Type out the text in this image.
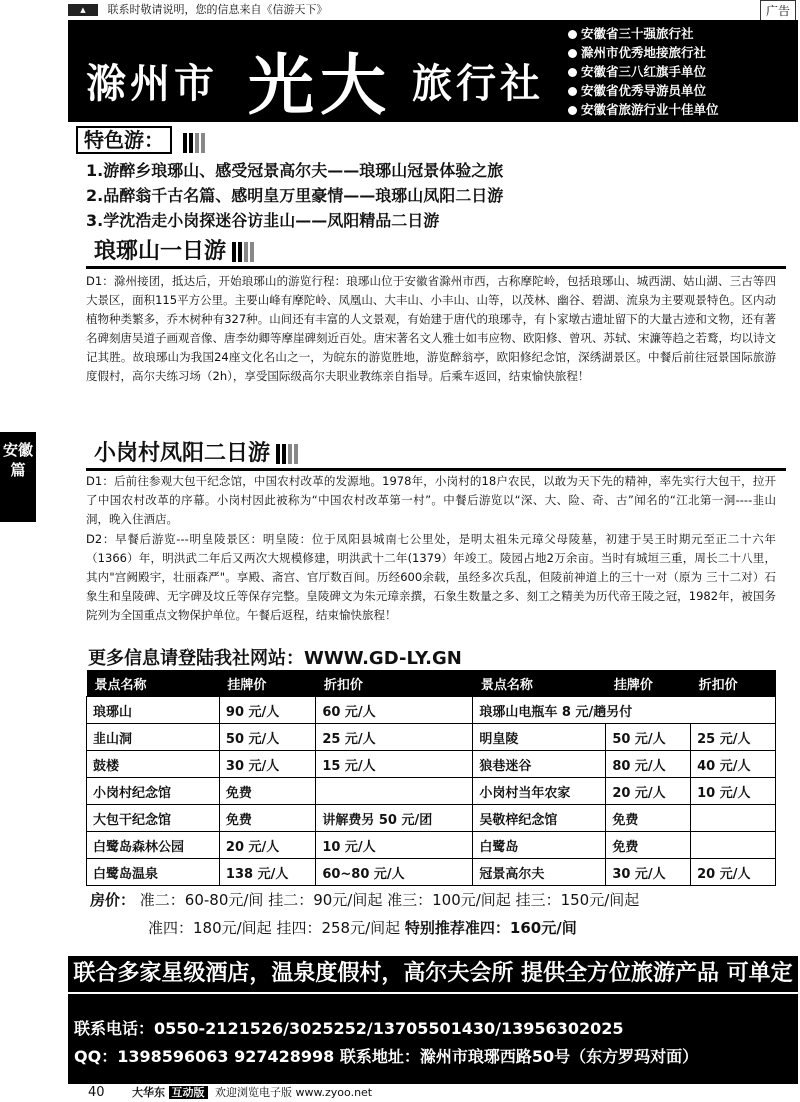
▲ 联系时敬请说明，您的信息来自《信游天下》	广告
滁州市 光大 旅行社
安徽省三十强旅行社
滁州市优秀地接旅行社
安徽省三八红旗手单位
安徽省优秀导游员单位
安徽省旅游行业十佳单位
安徽省优秀四星诚信旅行社
特色游：
1.游醉乡琅琊山、感受冠景高尔夫——琅琊山冠景体验之旅
2.品醉翁千古名篇、感明皇万里豪情——琅琊山凤阳二日游
3.学沈浩走小岗探迷谷访韭山——凤阳精品二日游
琅琊山一日游
D1：滁州接团，抵达后，开始琅琊山的游览行程：琅琊山位于安徽省滁州市西，古称摩陀岭，包括琅琊山、城西湖、姑山湖、三古等四大景区，面积115平方公里。主要山峰有摩陀岭、凤凰山、大丰山、小丰山、山等，以茂林、幽谷、碧湖、流泉为主要观景特色。区内动植物种类繁多，乔木树种有327种。山间还有丰富的人文景观，有始建于唐代的琅琊寺，有卜家墩古遗址留下的大量古迹和文物，还有著名碑刻唐吴道子画观音像、唐李幼卿等摩崖碑刻近百处。唐宋著名文人雅士如韦应物、欧阳修、曾巩、苏轼、宋濂等趋之若鹜，均以诗文记其胜。故琅琊山为我国24座文化名山之一，为皖东的游览胜地，游览醉翁亭，欧阳修纪念馆，深绣湖景区。中餐后前往冠景国际旅游度假村，高尔夫练习场（2h），享受国际级高尔夫职业教练亲自指导。后乘车返回，结束愉快旅程！
安徽篇
小岗村凤阳二日游
D1：后前往参观大包干纪念馆，中国农村改革的发源地。1978年，小岗村的18户农民，以敢为天下先的精神，率先实行大包干，拉开了中国农村改革的序幕。小岗村因此被称为“中国农村改革第一村”。中餐后游览以“深、大、险、奇、古”闻名的“江北第一洞----韭山洞，晚入住酒店。
D2：早餐后游览---明皇陵景区：明皇陵：位于凤阳县城南七公里处，是明太祖朱元璋父母陵墓，初建于吴王时期元至正二十六年（1366）年，明洪武二年后又两次大规模修建，明洪武十二年(1379）年竣工。陵园占地2万余亩。当时有城垣三重，周长二十八里，其内"宫阙殿宇，壮丽森严"。享殿、斋宫、官厅数百间。历经600余载，虽经多次兵乱，但陵前神道上的三十一对（原为 三十二对）石象生和皇陵碑、无字碑及坟丘等保存完整。皇陵碑文为朱元璋亲撰，石象生数量之多、刻工之精美为历代帝王陵之冠，1982年，被国务院列为全国重点文物保护单位。午餐后返程，结束愉快旅程！
更多信息请登陆我社网站：WWW.GD-LY.GN
景点名称	挂牌价	折扣价	景点名称	挂牌价	折扣价
琅琊山	90 元/人	60 元/人	琅琊山电瓶车 8 元/趟另付		
韭山洞	50 元/人	25 元/人	明皇陵	50 元/人	25 元/人
鼓楼	30 元/人	15 元/人	狼巷迷谷	80 元/人	40 元/人
小岗村纪念馆	免费		小岗村当年农家	20 元/人	10 元/人
大包干纪念馆	免费	讲解费另 50 元/团	吴敬梓纪念馆	免费	
白鹭岛森林公园	20 元/人	10 元/人	白鹭岛	免费	
白鹭岛温泉	138 元/人	60~80 元/人	冠景高尔夫	30 元/人	20 元/人
房价： 准二：60-80元/间 挂二：90元/间起 准三：100元/间起 挂三：150元/间起
准四：180元/间起 挂四：258元/间起 特别推荐准四：160元/间
联合多家星级酒店，温泉度假村，高尔夫会所 提供全方位旅游产品 可单定
联系电话：0550-2121526/3025252/13705501430/13956302025
QQ：1398596063 927428998 联系地址：滁州市琅琊西路50号（东方罗玛对面）
40	大华东 互动版 欢迎浏览电子版 www.zyoo.net
